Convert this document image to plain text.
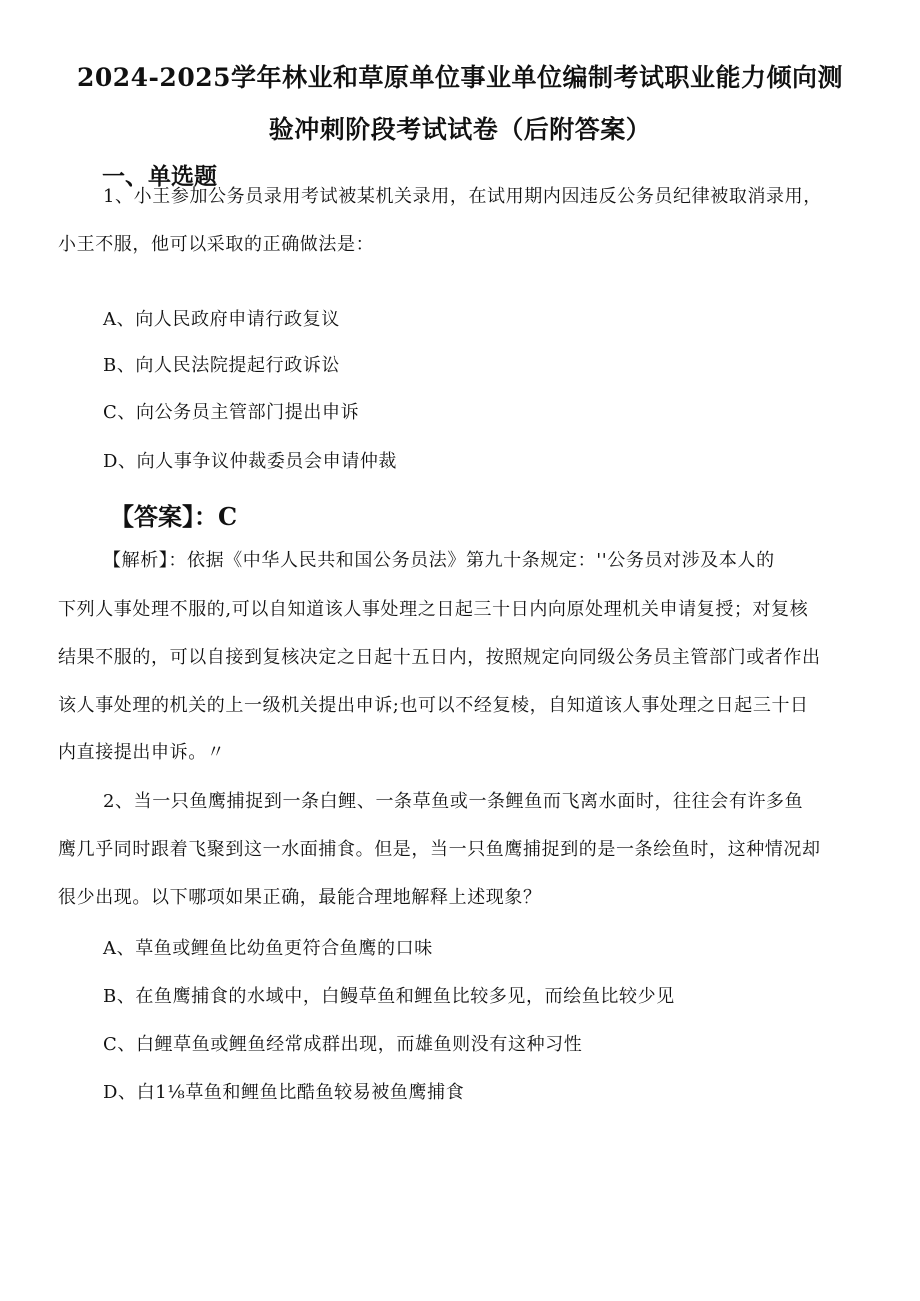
2024-2025学年林业和草原单位事业单位编制考试职业能力倾向测
验冲刺阶段考试试卷（后附答案）
一、单选题
1、小王参加公务员录用考试被某机关录用，在试用期内因违反公务员纪律被取消录用，
小王不服，他可以采取的正确做法是：
A、向人民政府申请行政复议
B、向人民法院提起行政诉讼
C、向公务员主管部门提出申诉
D、向人事争议仲裁委员会申请仲裁
【答案】：C
【解析】：依据《中华人民共和国公务员法》第九十条规定：''公务员对涉及本人的
下列人事处理不服的,可以自知道该人事处理之日起三十日内向原处理机关申请复授；对复核
结果不服的，可以自接到复核决定之日起十五日内，按照规定向同级公务员主管部门或者作出
该人事处理的机关的上一级机关提出申诉;也可以不经复棱，自知道该人事处理之日起三十日
内直接提出申诉。〃
2、当一只鱼鹰捕捉到一条白鲤、一条草鱼或一条鲤鱼而飞离水面时，往往会有许多鱼
鹰几乎同时跟着飞聚到这一水面捕食。但是，当一只鱼鹰捕捉到的是一条绘鱼时，这种情况却
很少出现。以下哪项如果正确，最能合理地解释上述现象？
A、草鱼或鲤鱼比幼鱼更符合鱼鹰的口味
B、在鱼鹰捕食的水域中，白鳗草鱼和鲤鱼比较多见，而绘鱼比较少见
C、白鲤草鱼或鲤鱼经常成群出现，而雄鱼则没有这种习性
D、白1⅛草鱼和鲤鱼比酷鱼较易被鱼鹰捕食
